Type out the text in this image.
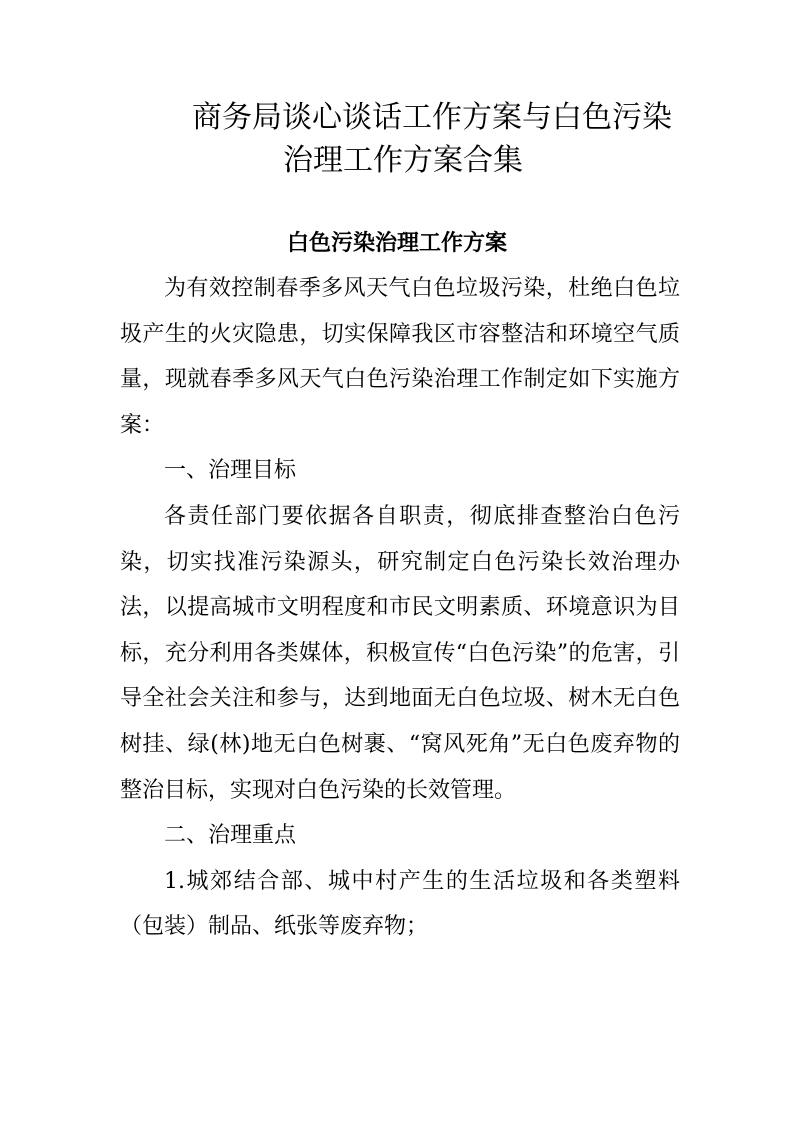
商务局谈心谈话工作方案与白色污染
治理工作方案合集
白色污染治理工作方案

为有效控制春季多风天气白色垃圾污染，杜绝白色垃圾产生的火灾隐患，切实保障我区市容整洁和环境空气质量，现就春季多风天气白色污染治理工作制定如下实施方案：

一、治理目标

各责任部门要依据各自职责，彻底排查整治白色污染，切实找准污染源头，研究制定白色污染长效治理办法，以提高城市文明程度和市民文明素质、环境意识为目标，充分利用各类媒体，积极宣传“白色污染”的危害，引导全社会关注和参与，达到地面无白色垃圾、树木无白色树挂、绿(林)地无白色树裹、“窝风死角”无白色废弃物的整治目标，实现对白色污染的长效管理。

二、治理重点

1.城郊结合部、城中村产生的生活垃圾和各类塑料（包装）制品、纸张等废弃物；
